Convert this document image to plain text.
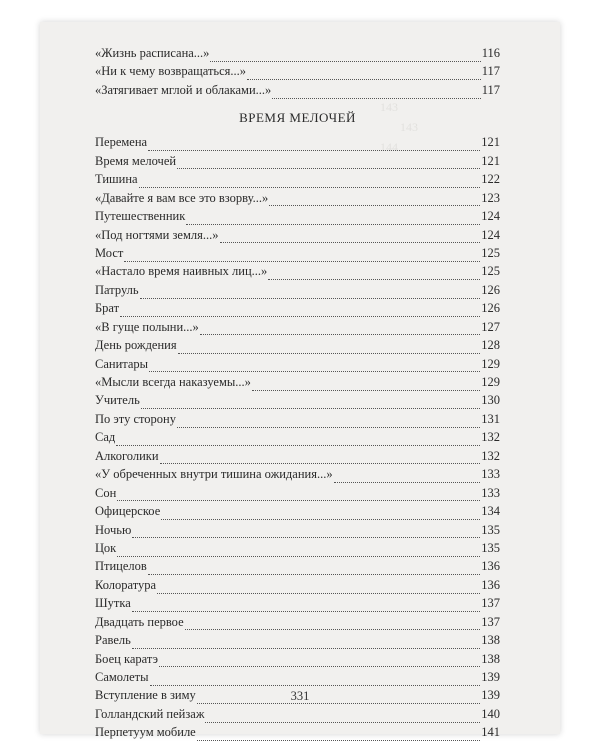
143
143
144
«Жизнь расписана...»	116
«Ни к чему возвращаться...»	117
«Затягивает мглой и облаками...»	117
ВРЕМЯ МЕЛОЧЕЙ
Перемена	121
Время мелочей	121
Тишина	122
«Давайте я вам все это взорву...»	123
Путешественник	124
«Под ногтями земля...»	124
Мост	125
«Настало время наивных лиц...»	125
Патруль	126
Брат	126
«В гуще полыни...»	127
День рождения	128
Санитары	129
«Мысли всегда наказуемы...»	129
Учитель	130
По эту сторону	131
Сад	132
Алкоголики	132
«У обреченных внутри тишина ожидания...»	133
Сон	133
Офицерское	134
Ночью	135
Цок	135
Птицелов	136
Колоратура	136
Шутка	137
Двадцать первое	137
Равель	138
Боец каратэ	138
Самолеты	139
Вступление в зиму	139
Голландский пейзаж	140
Перпетуум мобиле	141
331
